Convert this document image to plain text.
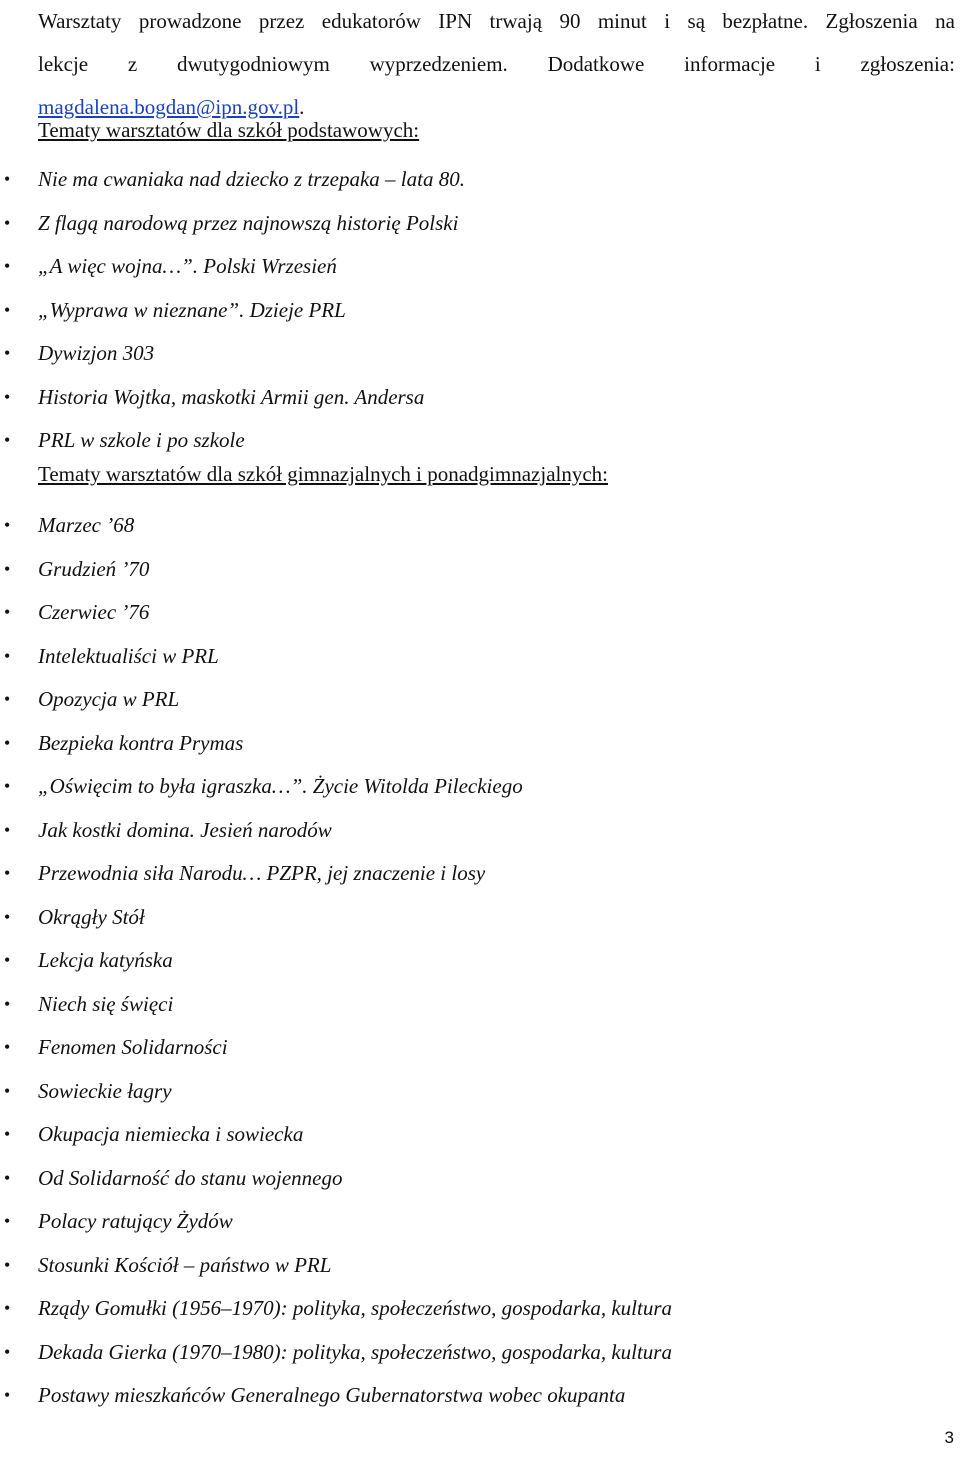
Warsztaty prowadzone przez edukatorów IPN trwają 90 minut i są bezpłatne. Zgłoszenia na
lekcje z dwutygodniowym wyprzedzeniem. Dodatkowe informacje i zgłoszenia:
magdalena.bogdan@ipn.gov.pl.
Tematy warsztatów dla szkół podstawowych:
• Nie ma cwaniaka nad dziecko z trzepaka – lata 80.
• Z flagą narodową przez najnowszą historię Polski
• „A więc wojna…”. Polski Wrzesień
• „Wyprawa w nieznane”. Dzieje PRL
• Dywizjon 303
• Historia Wojtka, maskotki Armii gen. Andersa
• PRL w szkole i po szkole
Tematy warsztatów dla szkół gimnazjalnych i ponadgimnazjalnych:
• Marzec ’68
• Grudzień ’70
• Czerwiec ’76
• Intelektualiści w PRL
• Opozycja w PRL
• Bezpieka kontra Prymas
• „Oświęcim to była igraszka…”. Życie Witolda Pileckiego
• Jak kostki domina. Jesień narodów
• Przewodnia siła Narodu… PZPR, jej znaczenie i losy
• Okrągły Stół
• Lekcja katyńska
• Niech się święci
• Fenomen Solidarności
• Sowieckie łagry
• Okupacja niemiecka i sowiecka
• Od Solidarność do stanu wojennego
• Polacy ratujący Żydów
• Stosunki Kościół – państwo w PRL
• Rządy Gomułki (1956–1970): polityka, społeczeństwo, gospodarka, kultura
• Dekada Gierka (1970–1980): polityka, społeczeństwo, gospodarka, kultura
• Postawy mieszkańców Generalnego Gubernatorstwa wobec okupanta
3
